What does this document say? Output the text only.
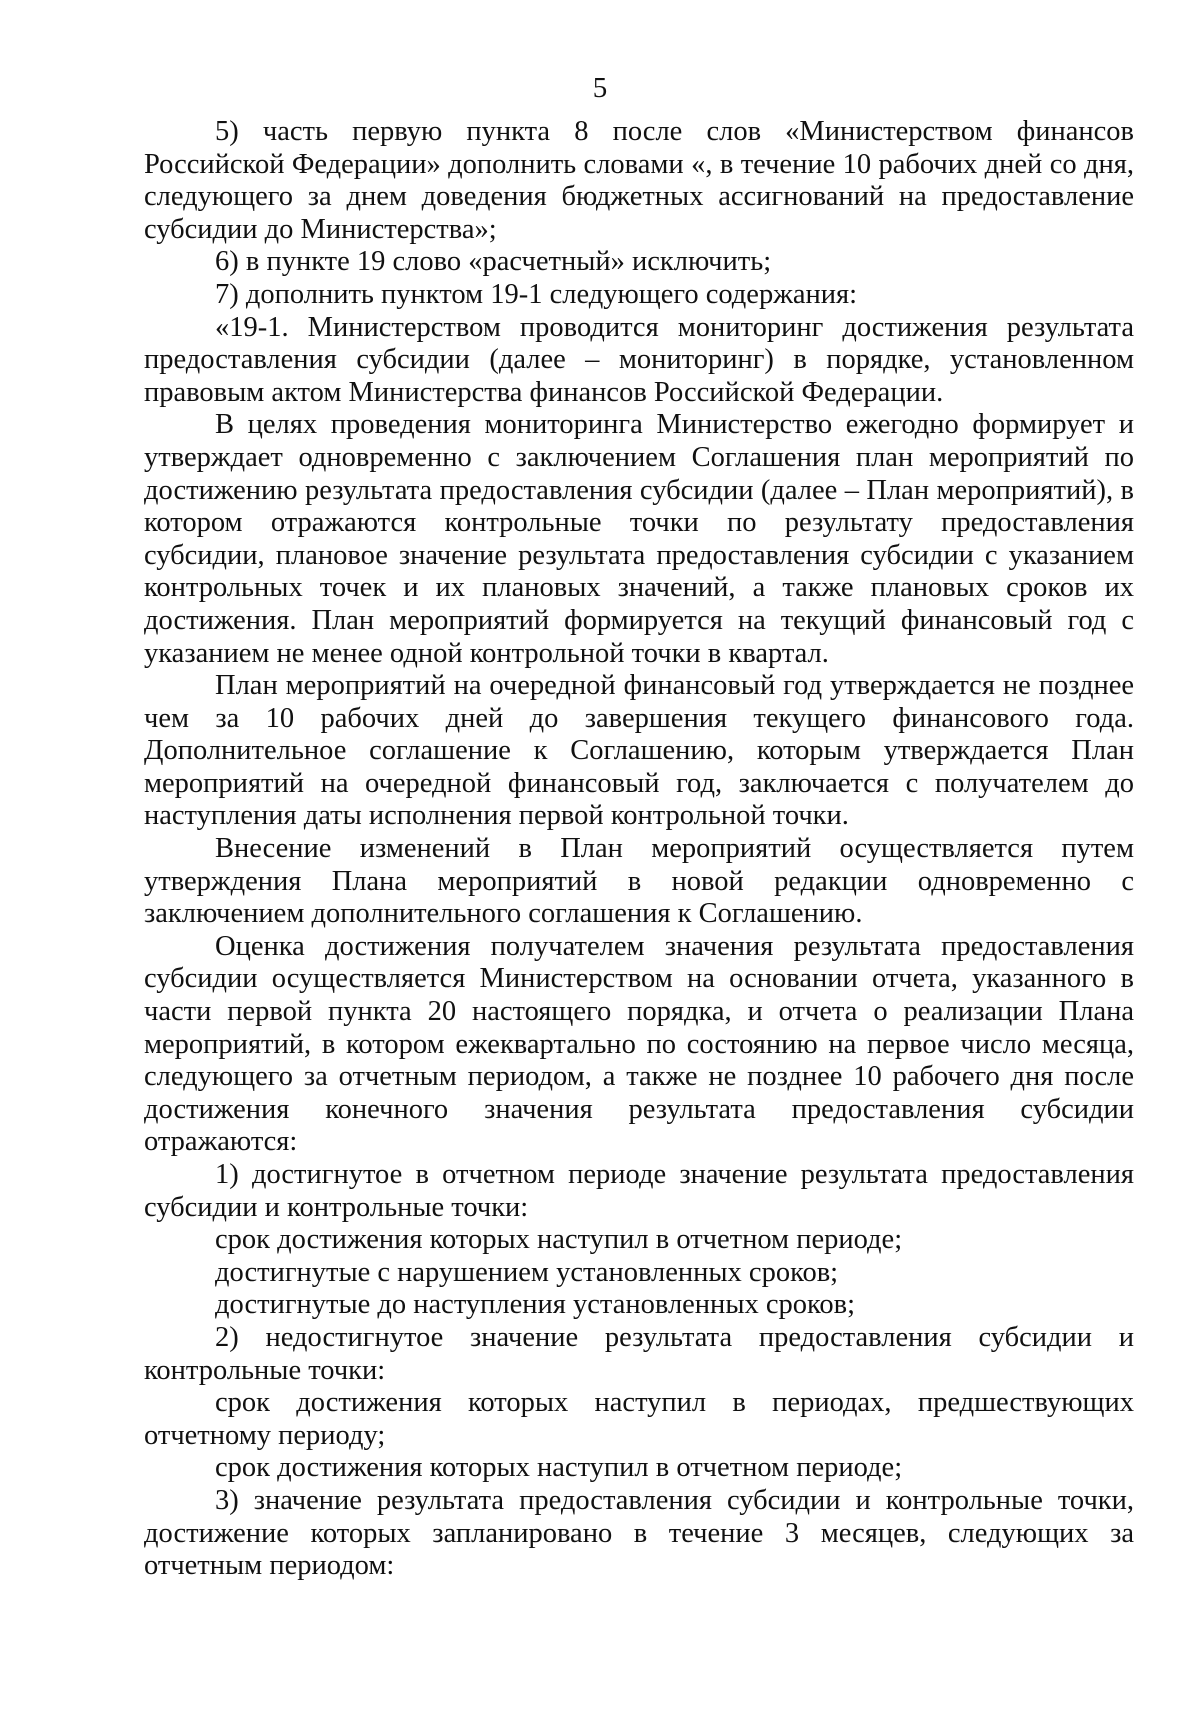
5

5) часть первую пункта 8 после слов «Министерством финансов Российской Федерации» дополнить словами «, в течение 10 рабочих дней со дня, следующего за днем доведения бюджетных ассигнований на предоставление субсидии до Министерства»;

6) в пункте 19 слово «расчетный» исключить;

7) дополнить пунктом 19-1 следующего содержания:

«19-1. Министерством проводится мониторинг достижения результата предоставления субсидии (далее – мониторинг) в порядке, установленном правовым актом Министерства финансов Российской Федерации.

В целях проведения мониторинга Министерство ежегодно формирует и утверждает одновременно с заключением Соглашения план мероприятий по достижению результата предоставления субсидии (далее – План мероприятий), в котором отражаются контрольные точки по результату предоставления субсидии, плановое значение результата предоставления субсидии с указанием контрольных точек и их плановых значений, а также плановых сроков их достижения. План мероприятий формируется на текущий финансовый год с указанием не менее одной контрольной точки в квартал.

План мероприятий на очередной финансовый год утверждается не позднее чем за 10 рабочих дней до завершения текущего финансового года. Дополнительное соглашение к Соглашению, которым утверждается План мероприятий на очередной финансовый год, заключается с получателем до наступления даты исполнения первой контрольной точки.

Внесение изменений в План мероприятий осуществляется путем утверждения Плана мероприятий в новой редакции одновременно с заключением дополнительного соглашения к Соглашению.

Оценка достижения получателем значения результата предоставления субсидии осуществляется Министерством на основании отчета, указанного в части первой пункта 20 настоящего порядка, и отчета о реализации Плана мероприятий, в котором ежеквартально по состоянию на первое число месяца, следующего за отчетным периодом, а также не позднее 10 рабочего дня после достижения конечного значения результата предоставления субсидии отражаются:

1) достигнутое в отчетном периоде значение результата предоставления субсидии и контрольные точки:

срок достижения которых наступил в отчетном периоде;

достигнутые с нарушением установленных сроков;

достигнутые до наступления установленных сроков;

2) недостигнутое значение результата предоставления субсидии и контрольные точки:

срок достижения которых наступил в периодах, предшествующих отчетному периоду;

срок достижения которых наступил в отчетном периоде;

3) значение результата предоставления субсидии и контрольные точки, достижение которых запланировано в течение 3 месяцев, следующих за отчетным периодом:
